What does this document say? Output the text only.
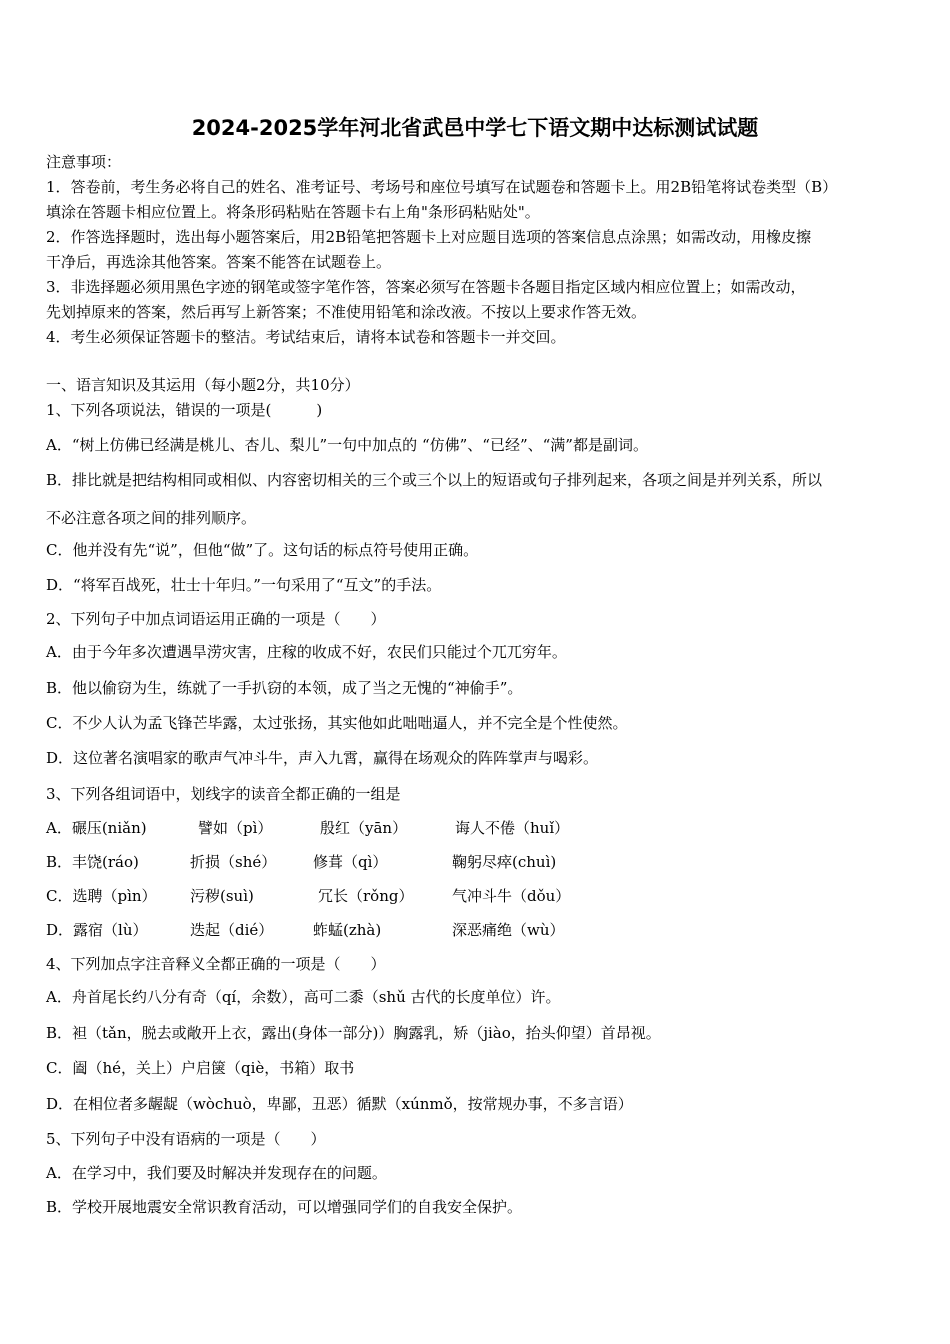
2024-2025学年河北省武邑中学七下语文期中达标测试试题
注意事项：
1．答卷前，考生务必将自己的姓名、准考证号、考场号和座位号填写在试题卷和答题卡上。用2B铅笔将试卷类型（B）
填涂在答题卡相应位置上。将条形码粘贴在答题卡右上角"条形码粘贴处"。
2．作答选择题时，选出每小题答案后，用2B铅笔把答题卡上对应题目选项的答案信息点涂黑；如需改动，用橡皮擦
干净后，再选涂其他答案。答案不能答在试题卷上。
3．非选择题必须用黑色字迹的钢笔或签字笔作答，答案必须写在答题卡各题目指定区域内相应位置上；如需改动，
先划掉原来的答案，然后再写上新答案；不准使用铅笔和涂改液。不按以上要求作答无效。
4．考生必须保证答题卡的整洁。考试结束后，请将本试卷和答题卡一并交回。
一、语言知识及其运用（每小题2分，共10分）
1、下列各项说法，错误的一项是(　　　)
A．“树上仿佛已经满是桃儿、杏儿、梨儿”一句中加点的 “仿佛”、“已经”、“满”都是副词。
B．排比就是把结构相同或相似、内容密切相关的三个或三个以上的短语或句子排列起来，各项之间是并列关系，所以
不必注意各项之间的排列顺序。
C．他并没有先“说”，但他“做”了。这句话的标点符号使用正确。
D．“将军百战死，壮士十年归。”一句采用了“互文”的手法。
2、下列句子中加点词语运用正确的一项是（　　）
A．由于今年多次遭遇旱涝灾害，庄稼的收成不好，农民们只能过个兀兀穷年。
B．他以偷窃为生，练就了一手扒窃的本领，成了当之无愧的“神偷手”。
C．不少人认为孟飞锋芒毕露，太过张扬，其实他如此咄咄逼人，并不完全是个性使然。
D．这位著名演唱家的歌声气冲斗牛，声入九霄，赢得在场观众的阵阵掌声与喝彩。
3、下列各组词语中，划线字的读音全都正确的一组是
A．碾压(niǎn)	譬如（pì）	殷红（yān）	诲人不倦（huǐ）
B．丰饶(ráo)	折损（shé） 修葺（qì）	鞠躬尽瘁(chuì)
C．选聘（pìn） 污秽(suì)	冗长（rǒng）	气冲斗牛（dǒu）
D．露宿（lù）	迭起（dié）	蚱蜢(zhà)	深恶痛绝（wù）
4、下列加点字注音释义全都正确的一项是（　　）
A．舟首尾长约八分有奇（qí，余数），高可二黍（shǔ 古代的长度单位）许。
B．袒（tǎn，脱去或敞开上衣，露出(身体一部分)）胸露乳，矫（jiào，抬头仰望）首昂视。
C．阖（hé，关上）户启箧（qiè，书箱）取书
D．在相位者多龌龊（wòchuò，卑鄙，丑恶）循默（xúnmǒ，按常规办事，不多言语）
5、下列句子中没有语病的一项是（　　）
A．在学习中，我们要及时解决并发现存在的问题。
B．学校开展地震安全常识教育活动，可以增强同学们的自我安全保护。
